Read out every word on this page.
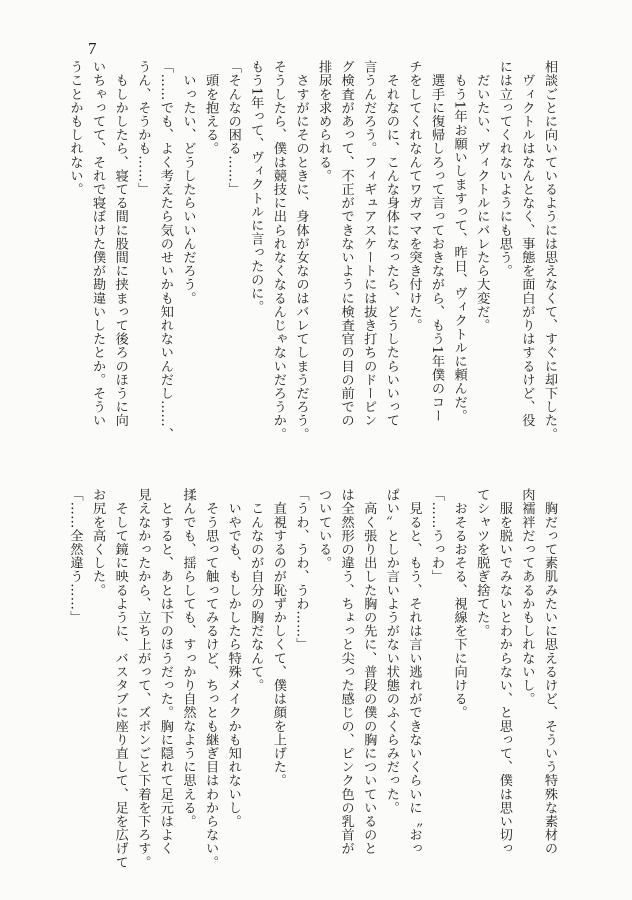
7
相談ごとに向いているようには思えなくて、すぐに却下した。
　ヴィクトルはなんとなく、事態を面白がりはするけど、役
には立ってくれないようにも思う。
　だいたい、ヴィクトルにバレたら大変だ。
　もう1年お願いしますって、昨日、ヴィクトルに頼んだ。
　選手に復帰しろって言っておきながら、もう1年僕のコー
チをしてくれなんてワガママを突き付けた。
　それなのに、こんな身体になったら、どうしたらいいって
言うんだろう。フィギュアスケートには抜き打ちのドーピン
グ検査があって、不正ができないように検査官の目の前での
排尿を求められる。
　さすがにそのときに、身体が女なのはバレてしまうだろう。
そうしたら、僕は競技に出られなくなるんじゃないだろうか。
もう1年って、ヴィクトルに言ったのに。
「そんなの困る……」
　頭を抱える。
　いったい、どうしたらいいんだろう。
「……でも、よく考えたら気のせいかも知れないんだし……、
うん、そうかも……」
　もしかしたら、寝てる間に股間に挟まって後ろのほうに向
いちゃってて、それで寝ぼけた僕が勘違いしたとか。そうい
うことかもしれない。
　胸だって素肌みたいに思えるけど、そういう特殊な素材の
肉襦袢だってあるかもしれないし。
　服を脱いでみないとわからない、と思って、僕は思い切っ
てシャツを脱ぎ捨てた。
　おそるおそる、視線を下に向ける。
「……うっわ」
　見ると、もう、それは言い逃れができないくらいに〝おっ
ぱい〟としか言いようがない状態のふくらみだった。
　高く張り出した胸の先に、普段の僕の胸についているのと
は全然形の違う、ちょっと尖った感じの、ピンク色の乳首が
ついている。
「うわ、うわ、うわ……」
　直視するのが恥ずかしくて、僕は顔を上げた。
　こんなのが自分の胸だなんて。
　いやでも、もしかしたら特殊メイクかも知れないし。
　そう思って触ってみるけど、ちっとも継ぎ目はわからない。
揉んでも、揺らしても、すっかり自然なように思える。
　とすると、あとは下のほうだった。胸に隠れて足元はよく
見えなかったから、立ち上がって、ズボンごと下着を下ろす。
　そして鏡に映るように、バスタブに座り直して、足を広げて
お尻を高くした。
「……全然違う……」
